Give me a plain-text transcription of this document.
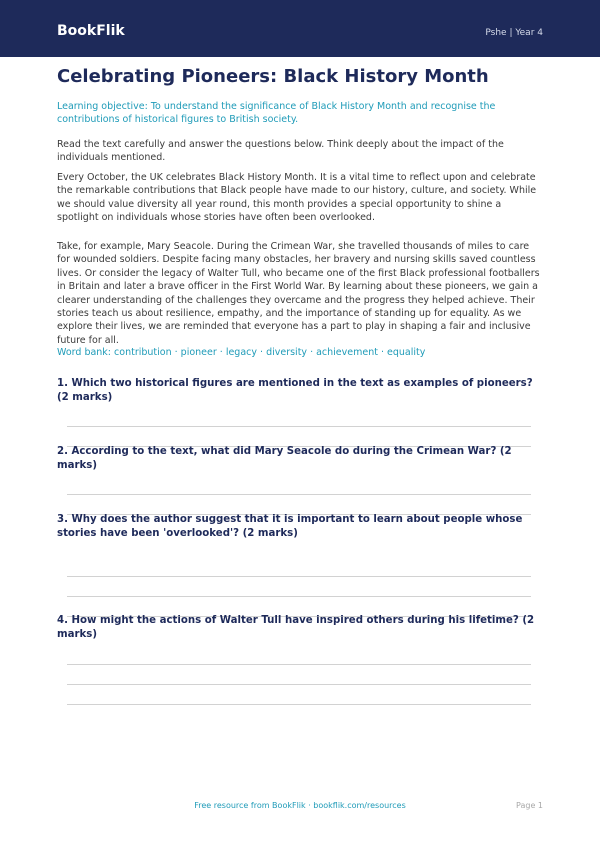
BookFlik	Pshe | Year 4
Celebrating Pioneers: Black History Month
Learning objective: To understand the significance of Black History Month and recognise the contributions of historical figures to British society.
Read the text carefully and answer the questions below. Think deeply about the impact of the individuals mentioned.
Every October, the UK celebrates Black History Month. It is a vital time to reflect upon and celebrate the remarkable contributions that Black people have made to our history, culture, and society. While we should value diversity all year round, this month provides a special opportunity to shine a spotlight on individuals whose stories have often been overlooked.
Take, for example, Mary Seacole. During the Crimean War, she travelled thousands of miles to care for wounded soldiers. Despite facing many obstacles, her bravery and nursing skills saved countless lives. Or consider the legacy of Walter Tull, who became one of the first Black professional footballers in Britain and later a brave officer in the First World War. By learning about these pioneers, we gain a clearer understanding of the challenges they overcame and the progress they helped achieve. Their stories teach us about resilience, empathy, and the importance of standing up for equality. As we explore their lives, we are reminded that everyone has a part to play in shaping a fair and inclusive future for all.
Word bank: contribution · pioneer · legacy · diversity · achievement · equality
1. Which two historical figures are mentioned in the text as examples of pioneers? (2 marks)
2. According to the text, what did Mary Seacole do during the Crimean War? (2 marks)
3. Why does the author suggest that it is important to learn about people whose stories have been 'overlooked'? (2 marks)
4. How might the actions of Walter Tull have inspired others during his lifetime? (2 marks)
Free resource from BookFlik · bookflik.com/resources	Page 1
